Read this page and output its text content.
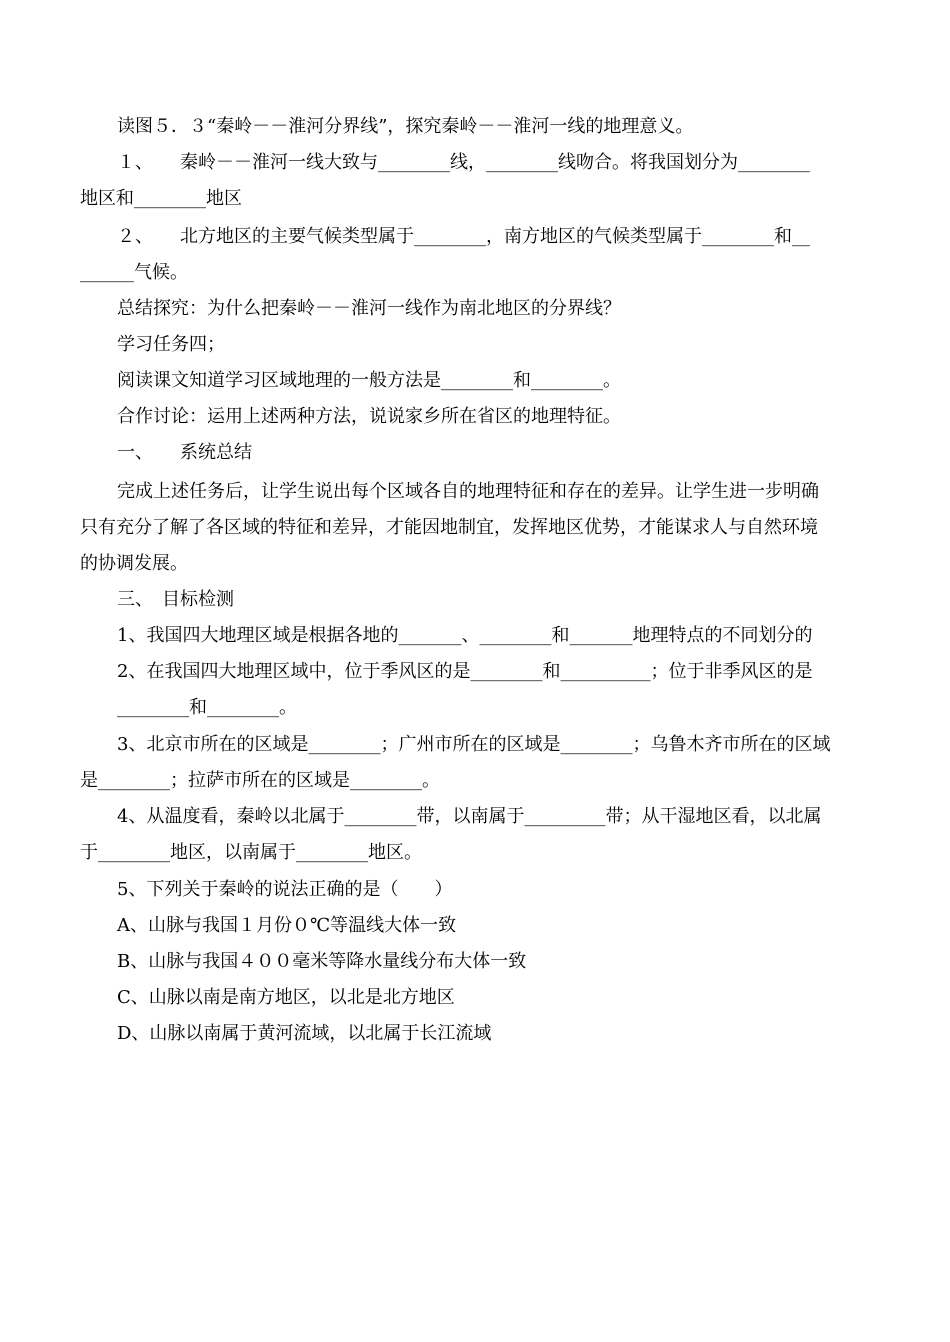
读图５．３“秦岭－－淮河分界线”，探究秦岭－－淮河一线的地理意义。
１、　　秦岭－－淮河一线大致与________线，________线吻合。将我国划分为________
地区和________地区
２、　　北方地区的主要气候类型属于________，南方地区的气候类型属于________和__
______气候。
总结探究：为什么把秦岭－－淮河一线作为南北地区的分界线？
学习任务四；
阅读课文知道学习区域地理的一般方法是________和________。
合作讨论：运用上述两种方法，说说家乡所在省区的地理特征。
一、　　系统总结
完成上述任务后，让学生说出每个区域各自的地理特征和存在的差异。让学生进一步明确
只有充分了解了各区域的特征和差异，才能因地制宜，发挥地区优势，才能谋求人与自然环境
的协调发展。
三、　目标检测
1、我国四大地理区域是根据各地的_______、________和_______地理特点的不同划分的
2、在我国四大地理区域中，位于季风区的是________和__________；位于非季风区的是
________和________。
3、北京市所在的区域是________；广州市所在的区域是________；乌鲁木齐市所在的区域
是________；拉萨市所在的区域是________。
4、从温度看，秦岭以北属于________带，以南属于_________带；从干湿地区看，以北属
于________地区，以南属于________地区。
5、下列关于秦岭的说法正确的是（　　）
A、山脉与我国１月份０℃等温线大体一致
B、山脉与我国４００毫米等降水量线分布大体一致
C、山脉以南是南方地区，以北是北方地区
D、山脉以南属于黄河流域，以北属于长江流域
